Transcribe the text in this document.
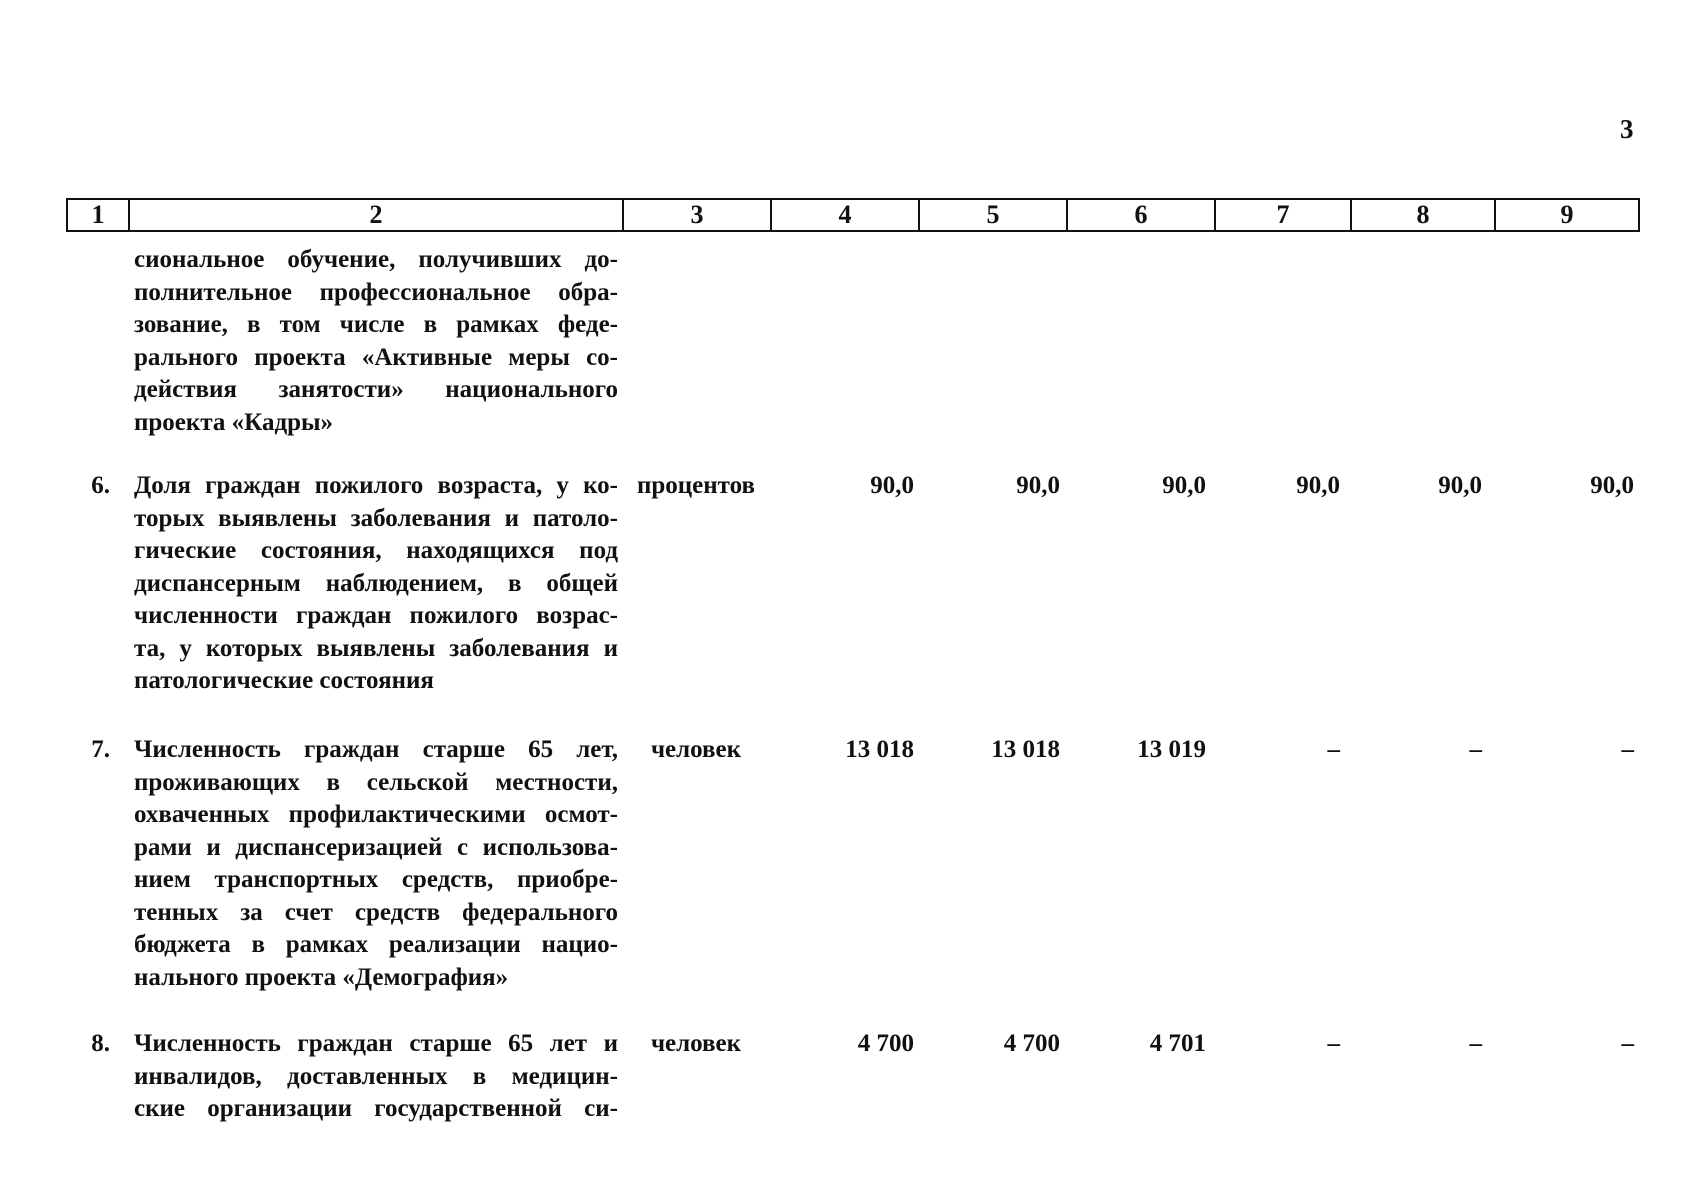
3
1	2	3	4	5	6	7	8	9
сиональное обучение, получивших до-
полнительное профессиональное обра-
зование, в том числе в рамках феде-
рального проекта «Активные меры со-
действия занятости» национального
проекта «Кадры»
6. Доля граждан пожилого возраста, у ко-
торых выявлены заболевания и патоло-
гические состояния, находящихся под
диспансерным наблюдением, в общей
численности граждан пожилого возрас-
та, у которых выявлены заболевания и
патологические состояния
процентов	90,0	90,0	90,0	90,0	90,0	90,0
7. Численность граждан старше 65 лет,
проживающих в сельской местности,
охваченных профилактическими осмот-
рами и диспансеризацией с использова-
нием транспортных средств, приобре-
тенных за счет средств федерального
бюджета в рамках реализации нацио-
нального проекта «Демография»
человек	13 018	13 018	13 019	–	–	–
8. Численность граждан старше 65 лет и
инвалидов, доставленных в медицин-
ские организации государственной си-
человек	4 700	4 700	4 701	–	–	–
